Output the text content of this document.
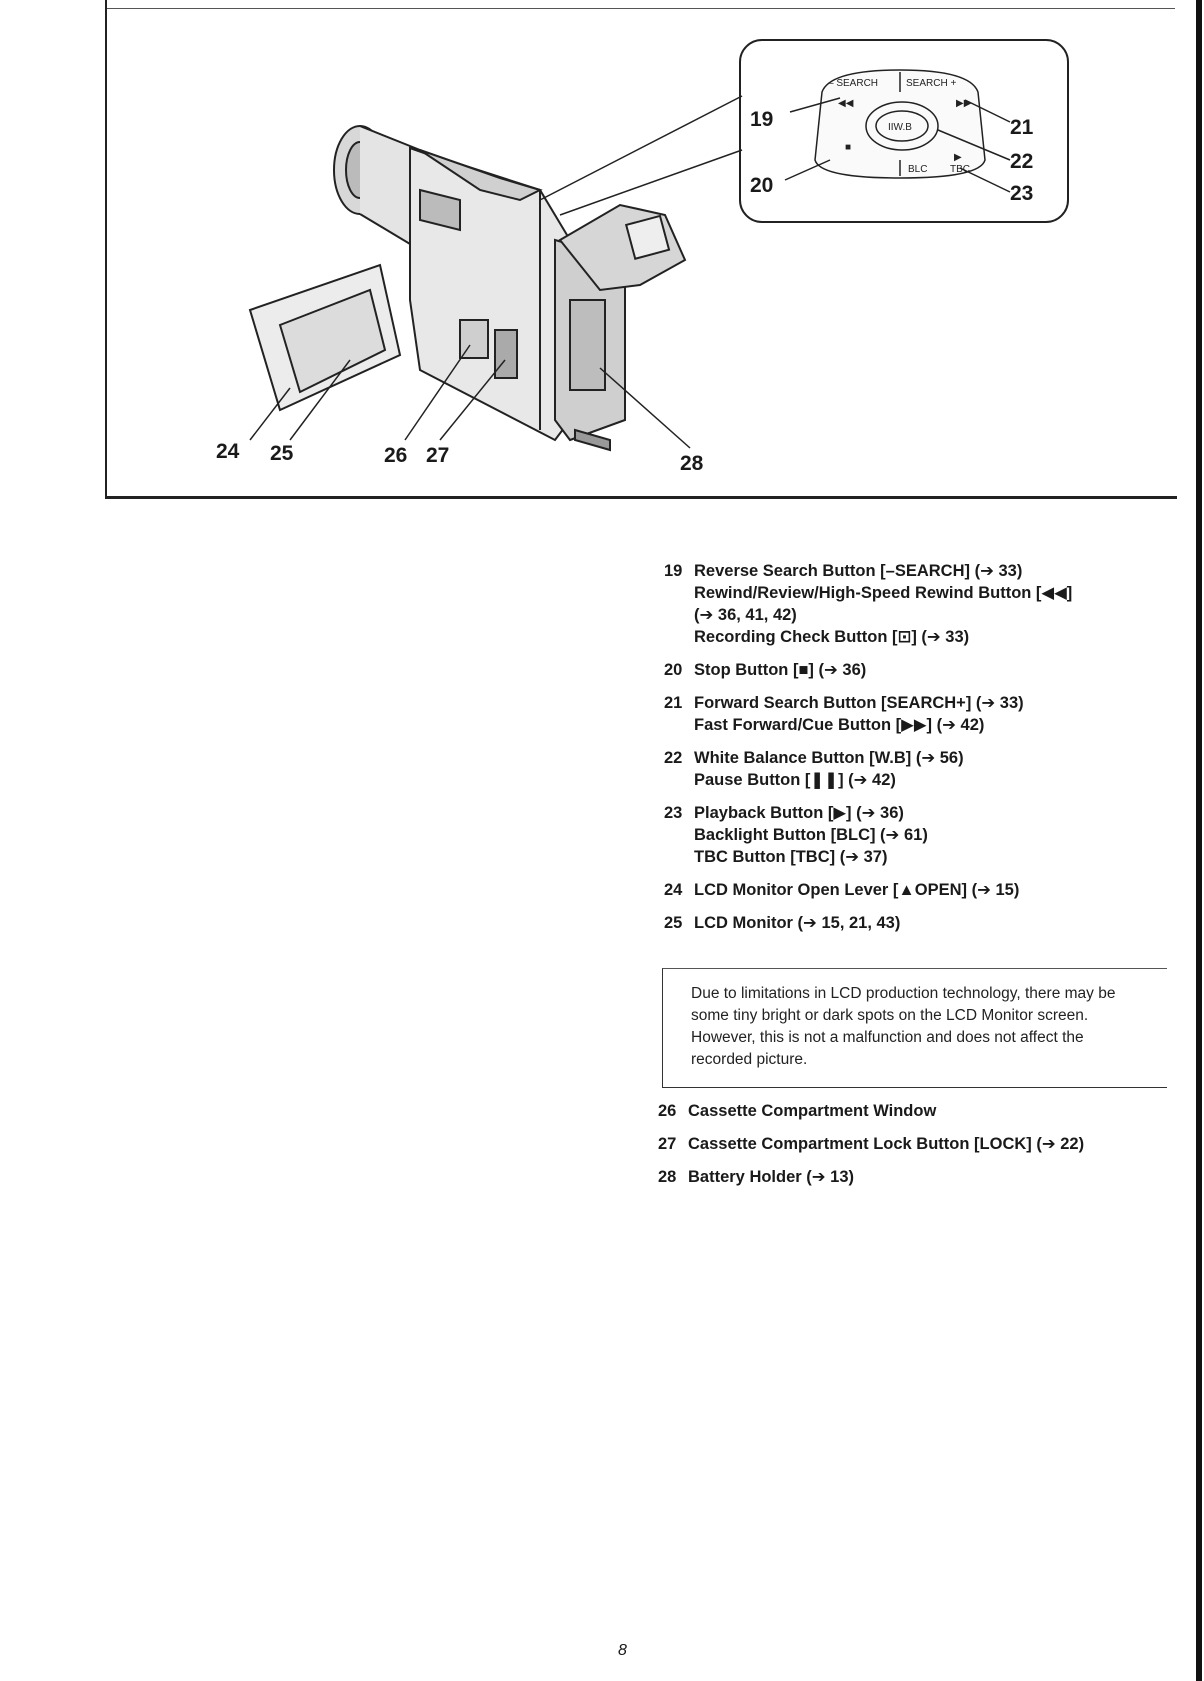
– SEARCH	SEARCH +
IIW.B
BLC TBC
◀◀	▶▶
■
▶
19
20
21
22
23
24 25	26 27	28
19 Reverse Search Button [–SEARCH] (➔ 33)
Rewind/Review/High-Speed Rewind Button [◀◀]
(➔ 36, 41, 42)
Recording Check Button [⊡] (➔ 33)
20 Stop Button [■] (➔ 36)
21 Forward Search Button [SEARCH+] (➔ 33)
Fast Forward/Cue Button [▶▶] (➔ 42)
22 White Balance Button [W.B] (➔ 56)
Pause Button [❚❚] (➔ 42)
23 Playback Button [▶] (➔ 36)
Backlight Button [BLC] (➔ 61)
TBC Button [TBC] (➔ 37)
24 LCD Monitor Open Lever [▲OPEN] (➔ 15)
25 LCD Monitor (➔ 15, 21, 43)

Due to limitations in LCD production technology, there may be some tiny bright or dark spots on the LCD Monitor screen. However, this is not a malfunction and does not affect the recorded picture.

26 Cassette Compartment Window
27 Cassette Compartment Lock Button [LOCK] (➔ 22)
28 Battery Holder (➔ 13)
8
